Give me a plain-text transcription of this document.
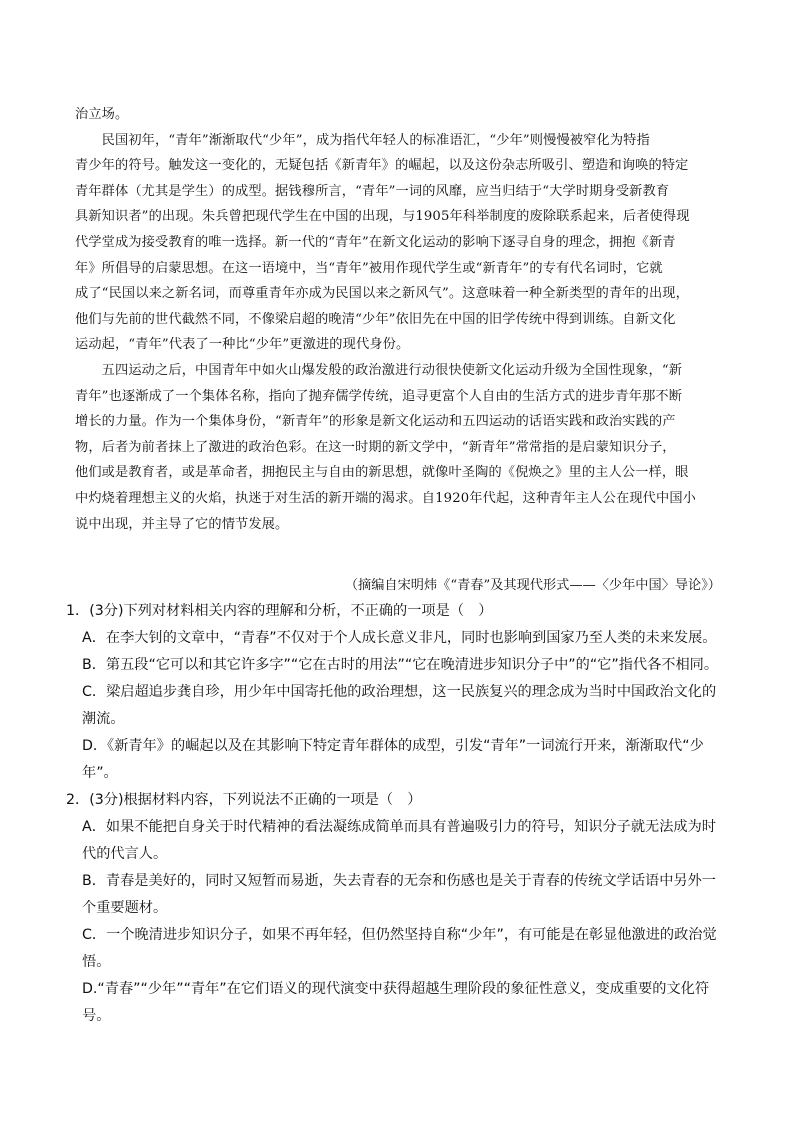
治立场。

　　民国初年，“青年”渐渐取代“少年”，成为指代年轻人的标准语汇，“少年”则慢慢被窄化为特指

青少年的符号。触发这一变化的，无疑包括《新青年》的崛起，以及这份杂志所吸引、塑造和询唤的特定

青年群体（尤其是学生）的成型。据钱穆所言，“青年”一词的风靡，应当归结于“大学时期身受新教育

具新知识者”的出现。朱兵曾把现代学生在中国的出现，与1905年科举制度的废除联系起来，后者使得现

代学堂成为接受教育的唯一选择。新一代的“青年”在新文化运动的影响下逐寻自身的理念，拥抱《新青

年》所倡导的启蒙思想。在这一语境中，当“青年”被用作现代学生或“新青年”的专有代名词时，它就

成了“民国以来之新名词，而尊重青年亦成为民国以来之新风气”。这意味着一种全新类型的青年的出现，

他们与先前的世代截然不同，不像梁启超的晚清“少年”依旧先在中国的旧学传统中得到训练。自新文化

运动起，“青年”代表了一种比“少年”更激进的现代身份。

　　五四运动之后，中国青年中如火山爆发般的政治激进行动很快使新文化运动升级为全国性现象，“新

青年”也逐渐成了一个集体名称，指向了抛弃儒学传统，追寻更富个人自由的生活方式的进步青年那不断

增长的力量。作为一个集体身份，“新青年”的形象是新文化运动和五四运动的话语实践和政治实践的产

物，后者为前者抹上了激进的政治色彩。在这一时期的新文学中，“新青年”常常指的是启蒙知识分子，

他们或是教育者，或是革命者，拥抱民主与自由的新思想，就像叶圣陶的《倪焕之》里的主人公一样，眼

中灼烧着理想主义的火焰，执迷于对生活的新开端的渴求。自1920年代起，这种青年主人公在现代中国小

说中出现，并主导了它的情节发展。

（摘编自宋明炜《“青春”及其现代形式——〈少年中国〉导论》）
1．(3分)下列对材料相关内容的理解和分析，不正确的一项是（　）
A．在李大钊的文章中，“青春”不仅对于个人成长意义非凡，同时也影响到国家乃至人类的未来发展。
B．第五段“它可以和其它许多字”“它在古时的用法”“它在晚清进步知识分子中”的“它”指代各不相同。
C．梁启超追步龚自珍，用少年中国寄托他的政治理想，这一民族复兴的理念成为当时中国政治文化的
潮流。
D．《新青年》的崛起以及在其影响下特定青年群体的成型，引发“青年”一词流行开来，渐渐取代“少
年”。
2．(3分)根据材料内容，下列说法不正确的一项是（　）
A．如果不能把自身关于时代精神的看法凝练成简单而具有普遍吸引力的符号，知识分子就无法成为时
代的代言人。
B．青春是美好的，同时又短暂而易逝，失去青春的无奈和伤感也是关于青春的传统文学话语中另外一
个重要题材。
C．一个晚清进步知识分子，如果不再年轻，但仍然坚持自称“少年”，有可能是在彰显他激进的政治觉
悟。
D.“青春”“少年”“青年”在它们语义的现代演变中获得超越生理阶段的象征性意义，变成重要的文化符号。
